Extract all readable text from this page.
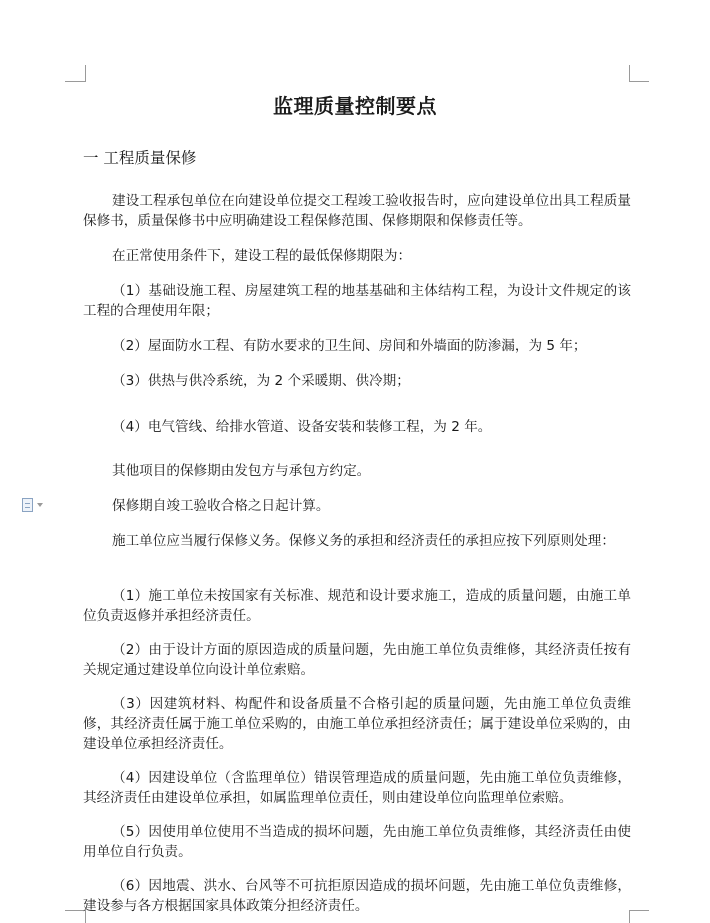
监理质量控制要点
一 工程质量保修

建设工程承包单位在向建设单位提交工程竣工验收报告时，应向建设单位出具工程质量保修书，质量保修书中应明确建设工程保修范围、保修期限和保修责任等。

在正常使用条件下，建设工程的最低保修期限为：

（1）基础设施工程、房屋建筑工程的地基基础和主体结构工程，为设计文件规定的该工程的合理使用年限；

（2）屋面防水工程、有防水要求的卫生间、房间和外墙面的防渗漏，为 5 年；

（3）供热与供冷系统，为 2 个采暖期、供冷期；

（4）电气管线、给排水管道、设备安装和装修工程，为 2 年。

其他项目的保修期由发包方与承包方约定。

保修期自竣工验收合格之日起计算。

施工单位应当履行保修义务。保修义务的承担和经济责任的承担应按下列原则处理：

（1）施工单位未按国家有关标准、规范和设计要求施工，造成的质量问题，由施工单位负责返修并承担经济责任。

（2）由于设计方面的原因造成的质量问题，先由施工单位负责维修，其经济责任按有关规定通过建设单位向设计单位索赔。

（3）因建筑材料、构配件和设备质量不合格引起的质量问题，先由施工单位负责维修，其经济责任属于施工单位采购的，由施工单位承担经济责任；属于建设单位采购的，由建设单位承担经济责任。

（4）因建设单位（含监理单位）错误管理造成的质量问题，先由施工单位负责维修，其经济责任由建设单位承担，如属监理单位责任，则由建设单位向监理单位索赔。

（5）因使用单位使用不当造成的损坏问题，先由施工单位负责维修，其经济责任由使用单位自行负责。

（6）因地震、洪水、台风等不可抗拒原因造成的损坏问题，先由施工单位负责维修，建设参与各方根据国家具体政策分担经济责任。
